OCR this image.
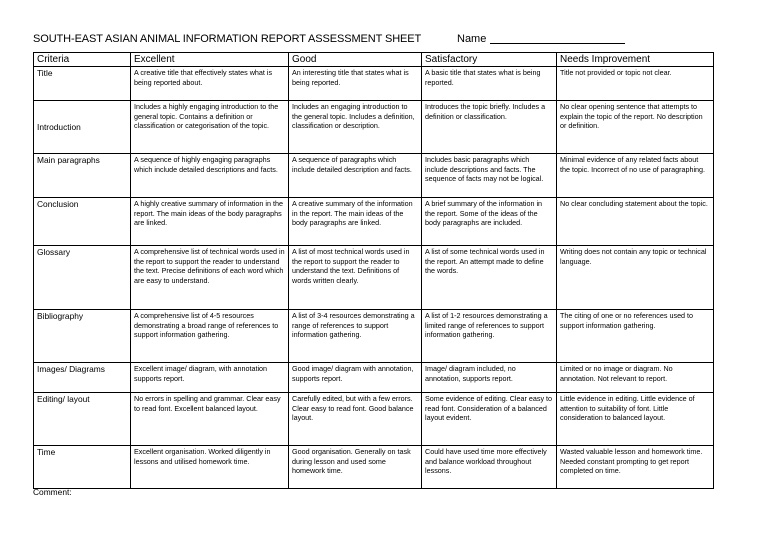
SOUTH-EAST ASIAN ANIMAL INFORMATION REPORT ASSESSMENT SHEET	Name
Criteria	Excellent	Good	Satisfactory	Needs Improvement
Title	A creative title that effectively states what is being reported about.	An interesting title that states what is being reported.	A basic title that states what is being reported.	Title not provided or topic not clear.
Introduction	Includes a highly engaging introduction to the general topic. Contains a definition or classification or categorisation of the topic.	Includes an engaging introduction to the general topic. Includes a definition, classification or description.	Introduces the topic briefly. Includes a definition or classification.	No clear opening sentence that attempts to explain the topic of the report. No description or definition.
Main paragraphs	A sequence of highly engaging paragraphs which include detailed descriptions and facts.	A sequence of paragraphs which include detailed description and facts.	Includes basic paragraphs which include descriptions and facts. The sequence of facts may not be logical.	Minimal evidence of any related facts about the topic. Incorrect of no use of paragraphing.
Conclusion	A highly creative summary of information in the report. The main ideas of the body paragraphs are linked.	A creative summary of the information in the report. The main ideas of the body paragraphs are linked.	A brief summary of the information in the report. Some of the ideas of the body paragraphs are included.	No clear concluding statement about the topic.
Glossary	A comprehensive list of technical words used in the report to support the reader to understand the text. Precise definitions of each word which are easy to understand.	A list of most technical words used in the report to support the reader to understand the text. Definitions of words written clearly.	A list of some technical words used in the report. An attempt made to define the words.	Writing does not contain any topic or technical language.
Bibliography	A comprehensive list of 4-5 resources demonstrating a broad range of references to support information gathering.	A list of 3-4 resources demonstrating a range of references to support information gathering.	A list of 1-2 resources demonstrating a limited range of references to support information gathering.	The citing of one or no references used to support information gathering.
Images/ Diagrams	Excellent image/ diagram, with annotation supports report.	Good image/ diagram with annotation, supports report.	Image/ diagram included, no annotation, supports report.	Limited or no image or diagram. No annotation. Not relevant to report.
Editing/ layout	No errors in spelling and grammar. Clear easy to read font. Excellent balanced layout.	Carefully edited, but with a few errors. Clear easy to read font. Good balance layout.	Some evidence of editing. Clear easy to read font. Consideration of a balanced layout evident.	Little evidence in editing. Little evidence of attention to suitability of font. Little consideration to balanced layout.
Time	Excellent organisation. Worked diligently in lessons and utilised homework time.	Good organisation. Generally on task during lesson and used some homework time.	Could have used time more effectively and balance workload throughout lessons.	Wasted valuable lesson and homework time. Needed constant prompting to get report completed on time.
Comment:
